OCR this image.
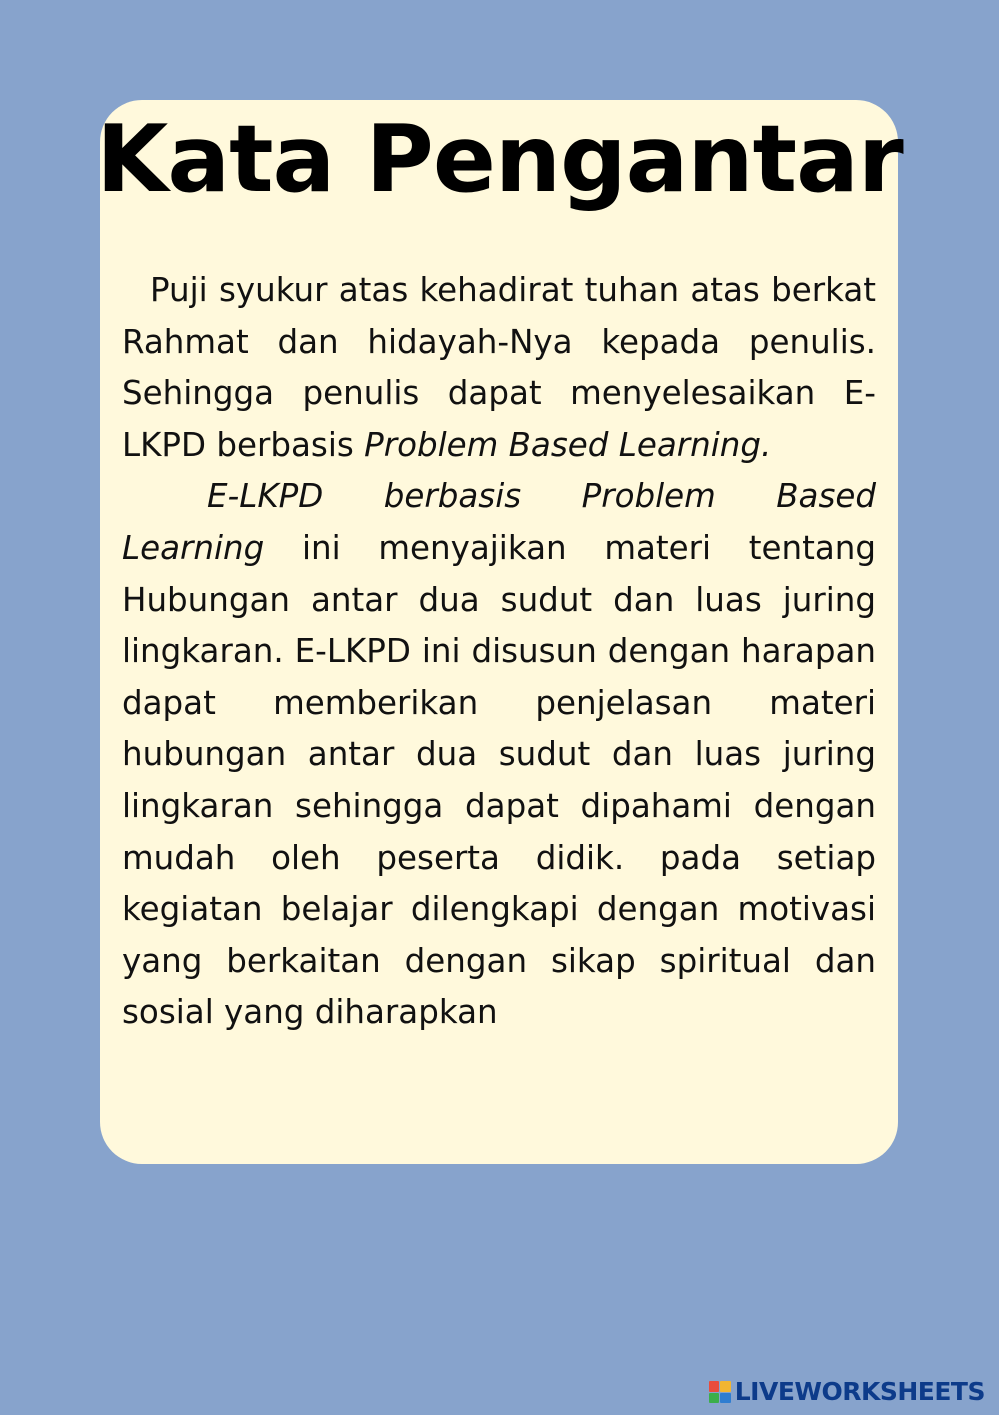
Kata Pengantar

Puji syukur atas kehadirat tuhan atas berkat Rahmat dan hidayah-Nya kepada penulis. Sehingga penulis dapat menyelesaikan E-LKPD berbasis Problem Based Learning.

E-LKPD berbasis Problem Based Learning ini menyajikan materi tentang Hubungan antar dua sudut dan luas juring lingkaran. E-LKPD ini disusun dengan harapan dapat memberikan penjelasan materi hubungan antar dua sudut dan luas juring lingkaran sehingga dapat dipahami dengan mudah oleh peserta didik. pada setiap kegiatan belajar dilengkapi dengan motivasi yang berkaitan dengan sikap spiritual dan sosial yang diharapkan

LIVEWORKSHEETS
